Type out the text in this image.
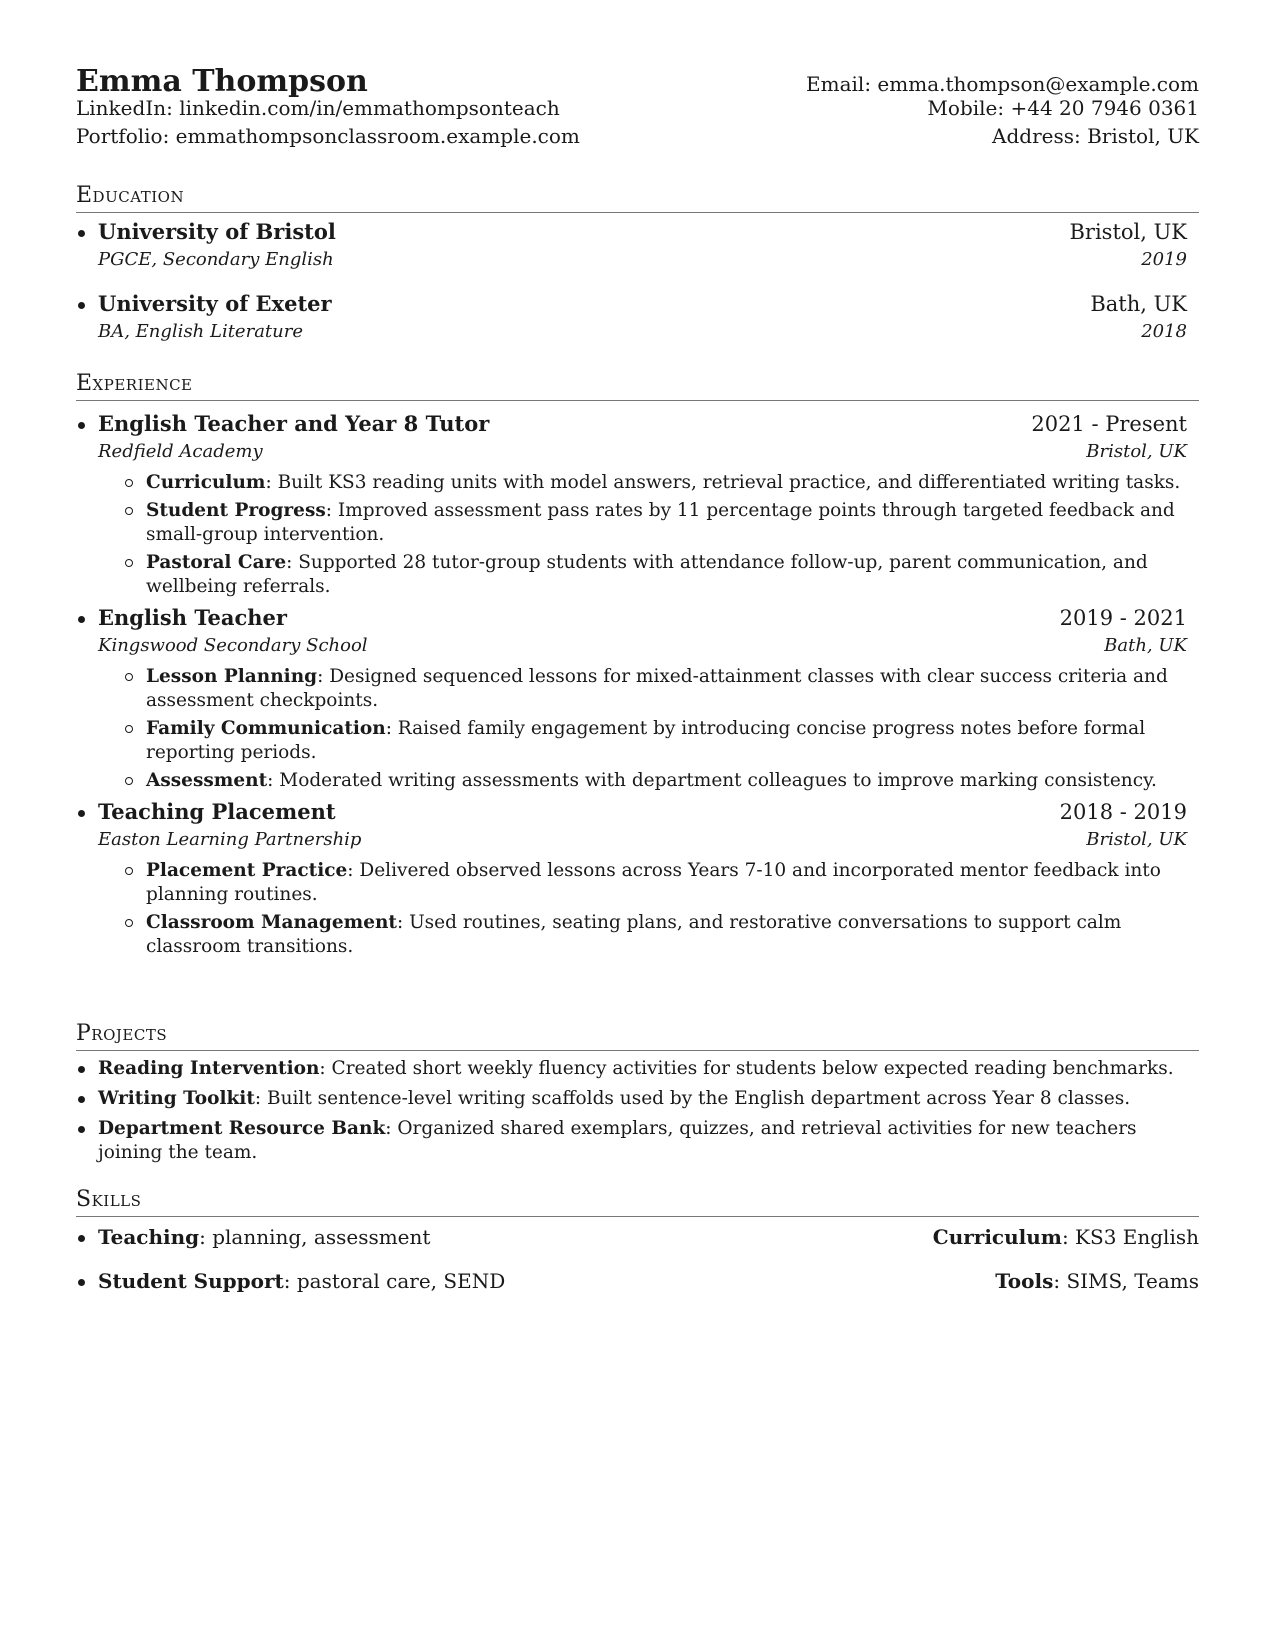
Emma Thompson	Email: emma.thompson@example.com
LinkedIn: linkedin.com/in/emmathompsonteach	Mobile: +44 20 7946 0361
Portfolio: emmathompsonclassroom.example.com	Address: Bristol, UK
Education
University of Bristol	Bristol, UK
PGCE, Secondary English	2019
University of Exeter	Bath, UK
BA, English Literature	2018
Experience
English Teacher and Year 8 Tutor	2021 - Present
Redfield Academy	Bristol, UK
Curriculum: Built KS3 reading units with model answers, retrieval practice, and differentiated writing tasks.
Student Progress: Improved assessment pass rates by 11 percentage points through targeted feedback and small-group intervention.
Pastoral Care: Supported 28 tutor-group students with attendance follow-up, parent communication, and wellbeing referrals.
English Teacher	2019 - 2021
Kingswood Secondary School	Bath, UK
Lesson Planning: Designed sequenced lessons for mixed-attainment classes with clear success criteria and assessment checkpoints.
Family Communication: Raised family engagement by introducing concise progress notes before formal reporting periods.
Assessment: Moderated writing assessments with department colleagues to improve marking consistency.
Teaching Placement	2018 - 2019
Easton Learning Partnership	Bristol, UK
Placement Practice: Delivered observed lessons across Years 7-10 and incorporated mentor feedback into planning routines.
Classroom Management: Used routines, seating plans, and restorative conversations to support calm classroom transitions.
Projects
Reading Intervention: Created short weekly fluency activities for students below expected reading benchmarks.
Writing Toolkit: Built sentence-level writing scaffolds used by the English department across Year 8 classes.
Department Resource Bank: Organized shared exemplars, quizzes, and retrieval activities for new teachers joining the team.
Skills
Teaching: planning, assessment	Curriculum: KS3 English
Student Support: pastoral care, SEND	Tools: SIMS, Teams
